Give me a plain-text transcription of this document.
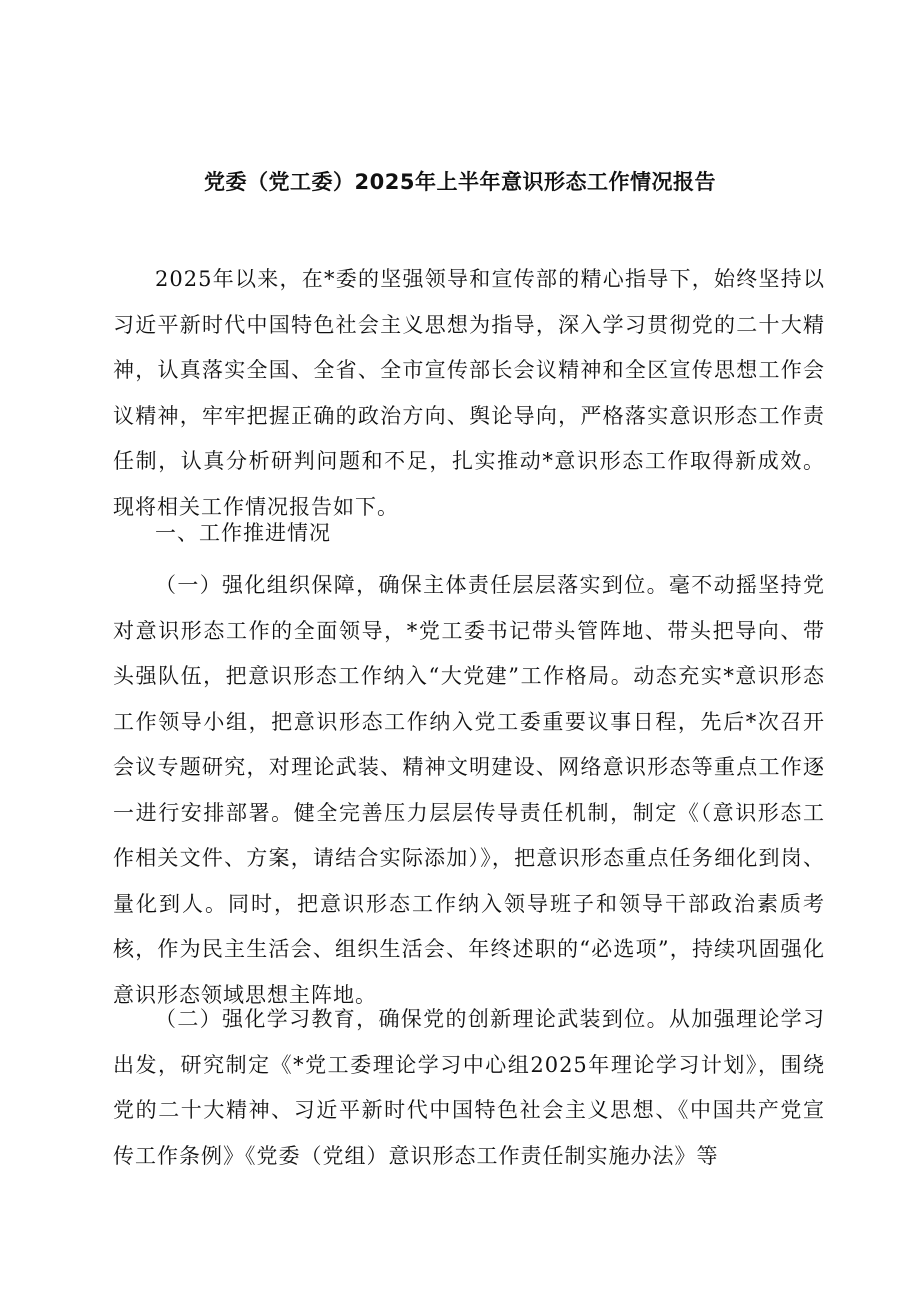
党委（党工委）2025年上半年意识形态工作情况报告

2025年以来，在*委的坚强领导和宣传部的精心指导下，始终坚持以习近平新时代中国特色社会主义思想为指导，深入学习贯彻党的二十大精神，认真落实全国、全省、全市宣传部长会议精神和全区宣传思想工作会议精神，牢牢把握正确的政治方向、舆论导向，严格落实意识形态工作责任制，认真分析研判问题和不足，扎实推动*意识形态工作取得新成效。现将相关工作情况报告如下。

一、工作推进情况

（一）强化组织保障，确保主体责任层层落实到位。毫不动摇坚持党对意识形态工作的全面领导，*党工委书记带头管阵地、带头把导向、带头强队伍，把意识形态工作纳入“大党建”工作格局。动态充实*意识形态工作领导小组，把意识形态工作纳入党工委重要议事日程，先后*次召开会议专题研究，对理论武装、精神文明建设、网络意识形态等重点工作逐一进行安排部署。健全完善压力层层传导责任机制，制定《（意识形态工作相关文件、方案，请结合实际添加）》，把意识形态重点任务细化到岗、量化到人。同时，把意识形态工作纳入领导班子和领导干部政治素质考核，作为民主生活会、组织生活会、年终述职的“必选项”，持续巩固强化意识形态领域思想主阵地。

（二）强化学习教育，确保党的创新理论武装到位。从加强理论学习出发，研究制定《*党工委理论学习中心组2025年理论学习计划》，围绕党的二十大精神、习近平新时代中国特色社会主义思想、《中国共产党宣传工作条例》《党委（党组）意识形态工作责任制实施办法》等
